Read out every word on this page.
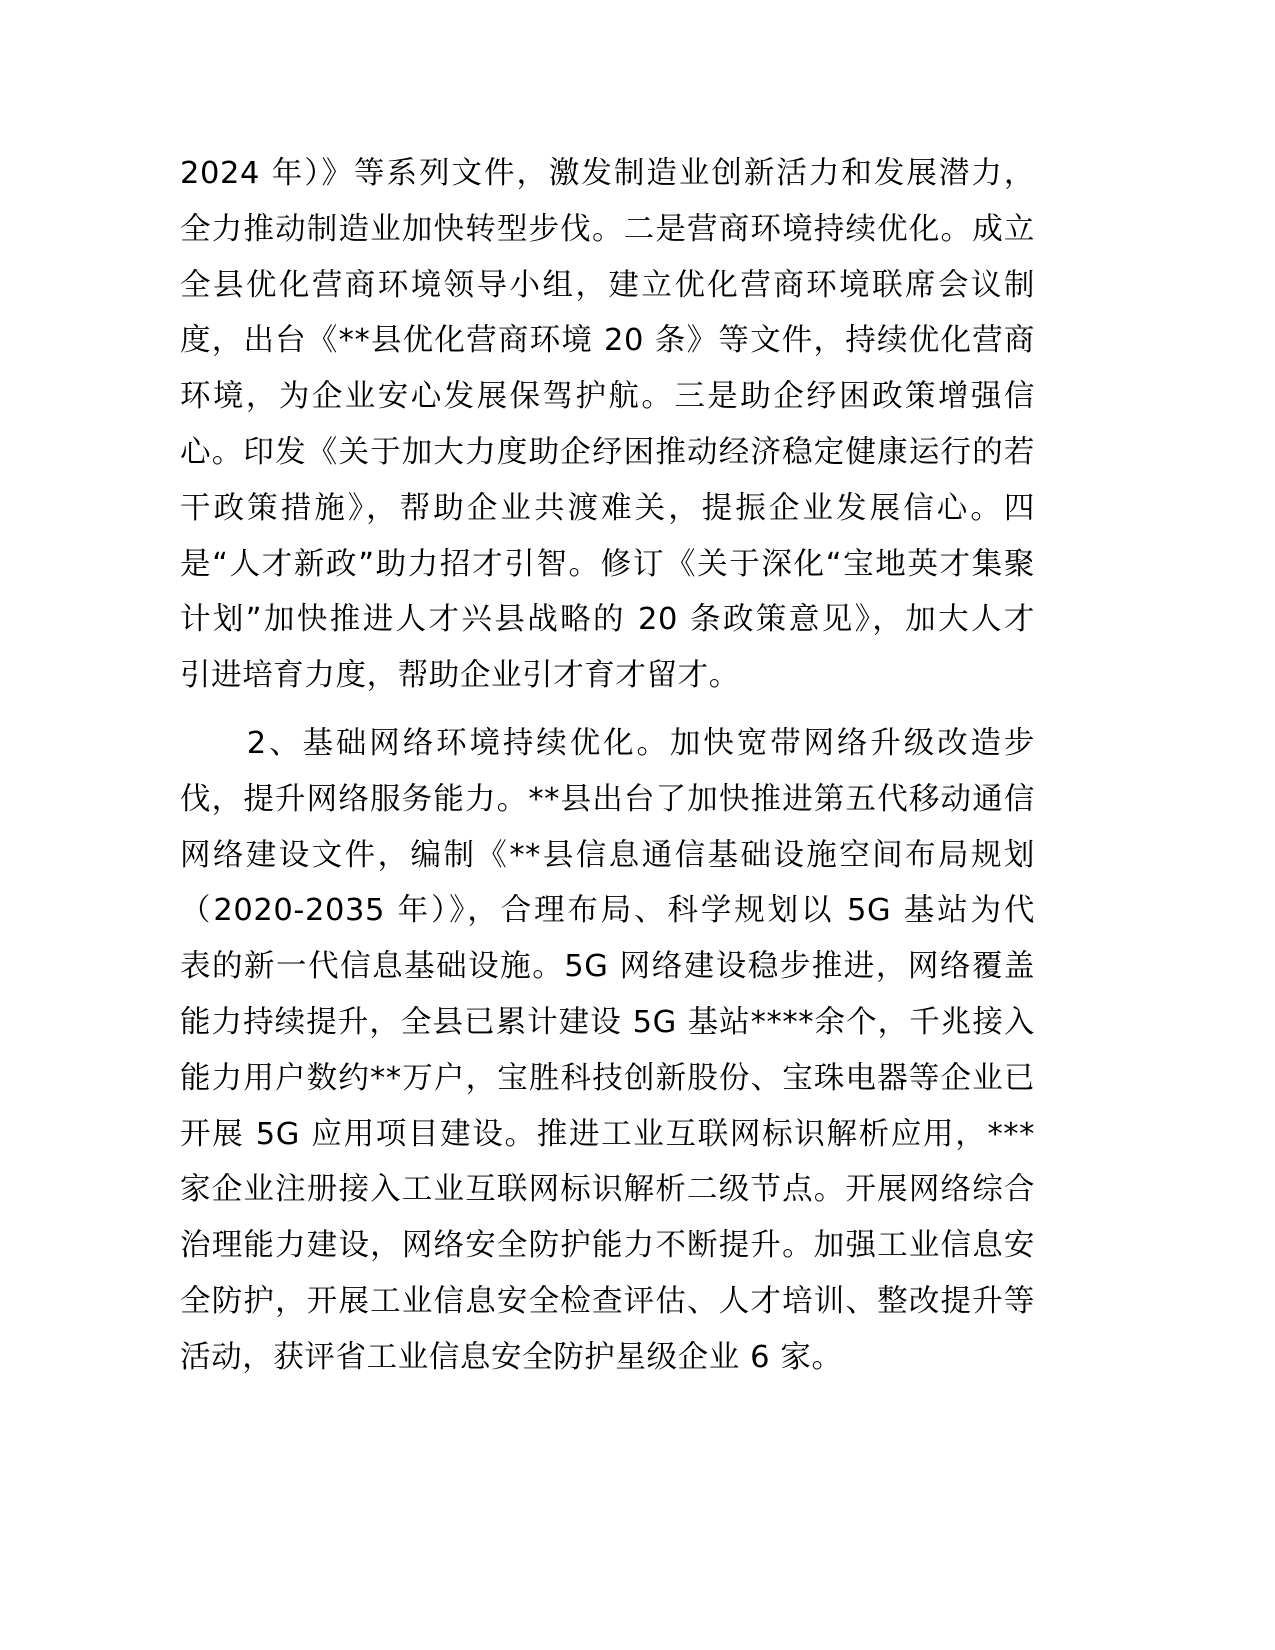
2024 年）》等系列文件，激发制造业创新活力和发展潜力，
全力推动制造业加快转型步伐。二是营商环境持续优化。成立
全县优化营商环境领导小组，建立优化营商环境联席会议制
度，出台《**县优化营商环境 20 条》等文件，持续优化营商
环境，为企业安心发展保驾护航。三是助企纾困政策增强信
心。印发《关于加大力度助企纾困推动经济稳定健康运行的若
干政策措施》，帮助企业共渡难关，提振企业发展信心。四
是“人才新政”助力招才引智。修订《关于深化“宝地英才集聚
计划”加快推进人才兴县战略的 20 条政策意见》，加大人才
引进培育力度，帮助企业引才育才留才。
　　2、基础网络环境持续优化。加快宽带网络升级改造步
伐，提升网络服务能力。**县出台了加快推进第五代移动通信
网络建设文件，编制《**县信息通信基础设施空间布局规划
（2020-2035 年）》，合理布局、科学规划以 5G 基站为代
表的新一代信息基础设施。5G 网络建设稳步推进，网络覆盖
能力持续提升，全县已累计建设 5G 基站****余个，千兆接入
能力用户数约**万户，宝胜科技创新股份、宝珠电器等企业已
开展 5G 应用项目建设。推进工业互联网标识解析应用，***
家企业注册接入工业互联网标识解析二级节点。开展网络综合
治理能力建设，网络安全防护能力不断提升。加强工业信息安
全防护，开展工业信息安全检查评估、人才培训、整改提升等
活动，获评省工业信息安全防护星级企业 6 家。
